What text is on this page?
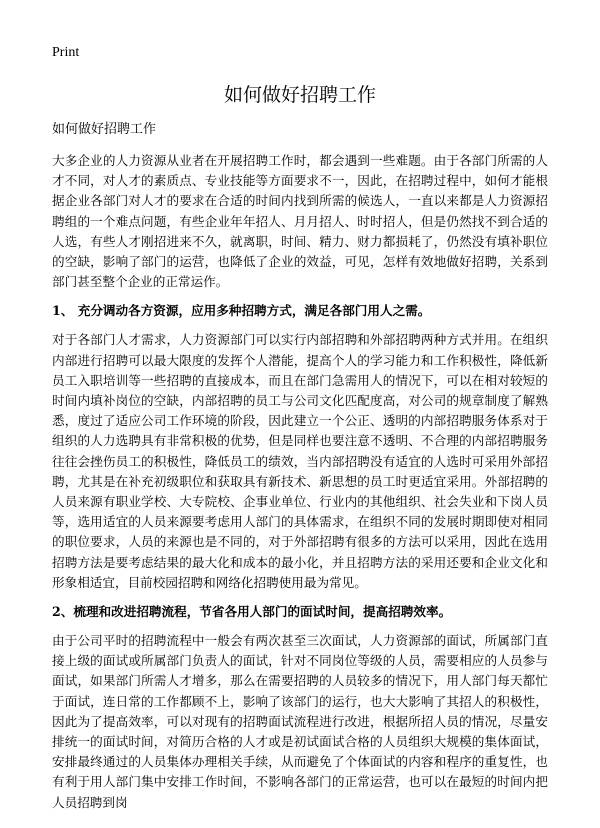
Print
如何做好招聘工作

如何做好招聘工作

大多企业的人力资源从业者在开展招聘工作时，都会遇到一些难题。由于各部门所需的人才不同，对人才的素质点、专业技能等方面要求不一，因此，在招聘过程中，如何才能根据企业各部门对人才的要求在合适的时间内找到所需的候选人，一直以来都是人力资源招聘组的一个难点问题，有些企业年年招人、月月招人、时时招人，但是仍然找不到合适的人选，有些人才刚招进来不久，就离职，时间、精力、财力都损耗了，仍然没有填补职位的空缺，影响了部门的运营，也降低了企业的效益，可见，怎样有效地做好招聘，关系到部门甚至整个企业的正常运作。

1、 充分调动各方资源，应用多种招聘方式，满足各部门用人之需。

对于各部门人才需求，人力资源部门可以实行内部招聘和外部招聘两种方式并用。在组织内部进行招聘可以最大限度的发挥个人潜能，提高个人的学习能力和工作积极性，降低新员工入职培训等一些招聘的直接成本，而且在部门急需用人的情况下，可以在相对较短的时间内填补岗位的空缺，内部招聘的员工与公司文化匹配度高，对公司的规章制度了解熟悉，度过了适应公司工作环境的阶段，因此建立一个公正、透明的内部招聘服务体系对于组织的人力选聘具有非常积极的优势，但是同样也要注意不透明、不合理的内部招聘服务往往会挫伤员工的积极性，降低员工的绩效，当内部招聘没有适宜的人选时可采用外部招聘，尤其是在补充初级职位和获取具有新技术、新思想的员工时更适宜采用。外部招聘的人员来源有职业学校、大专院校、企事业单位、行业内的其他组织、社会失业和下岗人员等，选用适宜的人员来源要考虑用人部门的具体需求，在组织不同的发展时期即使对相同的职位要求，人员的来源也是不同的，对于外部招聘有很多的方法可以采用，因此在选用招聘方法是要考虑结果的最大化和成本的最小化，并且招聘方法的采用还要和企业文化和形象相适宜，目前校园招聘和网络化招聘使用最为常见。

2、梳理和改进招聘流程，节省各用人部门的面试时间，提高招聘效率。

由于公司平时的招聘流程中一般会有两次甚至三次面试，人力资源部的面试，所属部门直接上级的面试或所属部门负责人的面试，针对不同岗位等级的人员，需要相应的人员参与面试，如果部门所需人才增多，那么在需要招聘的人员较多的情况下，用人部门每天都忙于面试，连日常的工作都顾不上，影响了该部门的运行，也大大影响了其招人的积极性，因此为了提高效率，可以对现有的招聘面试流程进行改进，根据所招人员的情况，尽量安排统一的面试时间，对简历合格的人才或是初试面试合格的人员组织大规模的集体面试，安排最终通过的人员集体办理相关手续，从而避免了个体面试的内容和程序的重复性，也有利于用人部门集中安排工作时间，不影响各部门的正常运营，也可以在最短的时间内把人员招聘到岗
